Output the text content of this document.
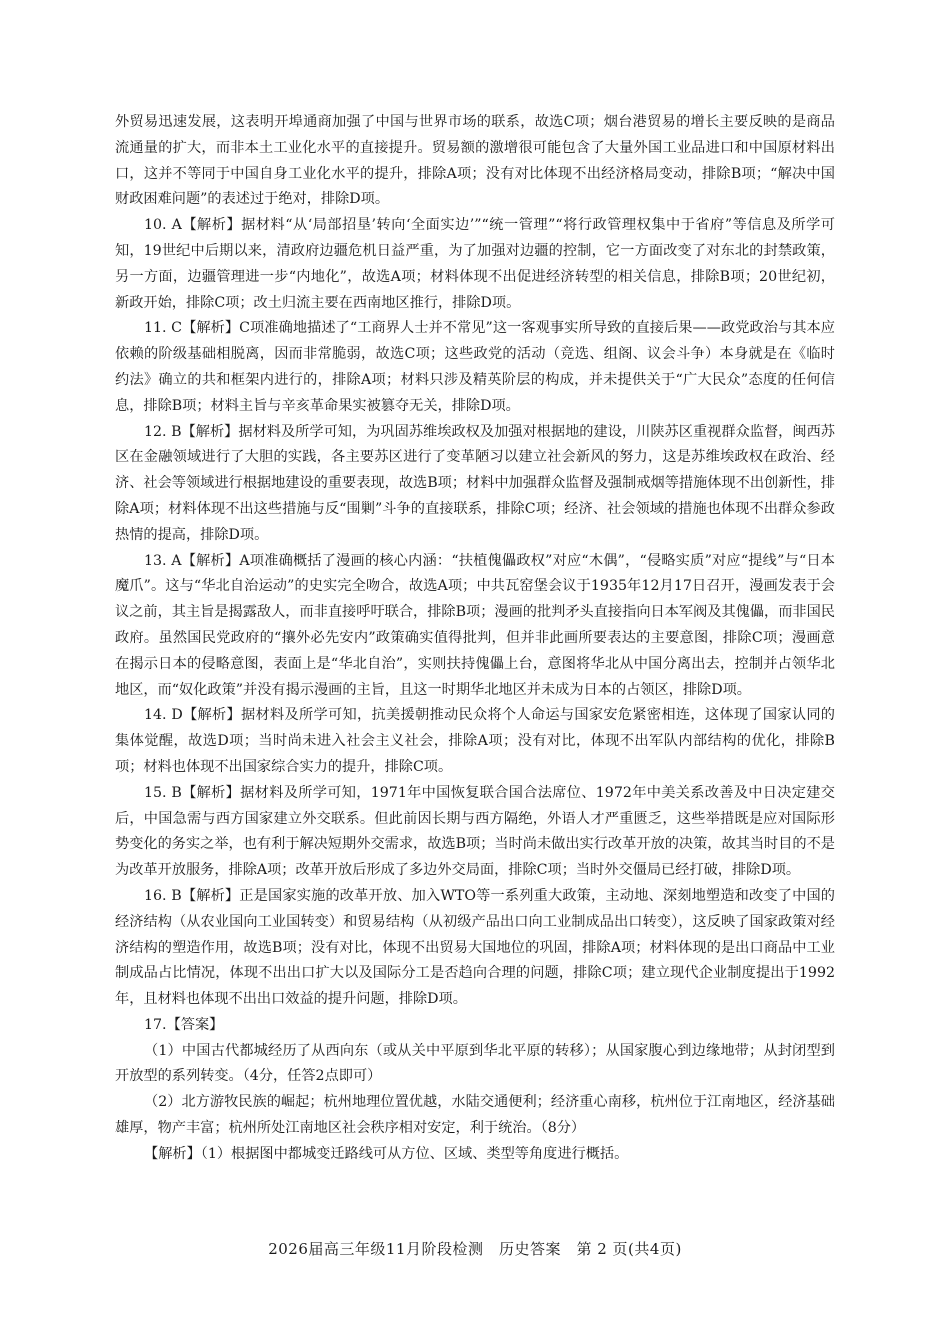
外贸易迅速发展，这表明开埠通商加强了中国与世界市场的联系，故选C项；烟台港贸易的增长主要反映的是商品流通量的扩大，而非本土工业化水平的直接提升。贸易额的激增很可能包含了大量外国工业品进口和中国原材料出口，这并不等同于中国自身工业化水平的提升，排除A项；没有对比体现不出经济格局变动，排除B项；“解决中国财政困难问题”的表述过于绝对，排除D项。

10. A【解析】据材料“从‘局部招垦’转向‘全面实边’”“统一管理”“将行政管理权集中于省府”等信息及所学可知，19世纪中后期以来，清政府边疆危机日益严重，为了加强对边疆的控制，它一方面改变了对东北的封禁政策，另一方面，边疆管理进一步“内地化”，故选A项；材料体现不出促进经济转型的相关信息，排除B项；20世纪初，新政开始，排除C项；改土归流主要在西南地区推行，排除D项。

11. C【解析】C项准确地描述了“工商界人士并不常见”这一客观事实所导致的直接后果——政党政治与其本应依赖的阶级基础相脱离，因而非常脆弱，故选C项；这些政党的活动（竞选、组阁、议会斗争）本身就是在《临时约法》确立的共和框架内进行的，排除A项；材料只涉及精英阶层的构成，并未提供关于“广大民众”态度的任何信息，排除B项；材料主旨与辛亥革命果实被篡夺无关，排除D项。

12. B【解析】据材料及所学可知，为巩固苏维埃政权及加强对根据地的建设，川陕苏区重视群众监督，闽西苏区在金融领域进行了大胆的实践，各主要苏区进行了变革陋习以建立社会新风的努力，这是苏维埃政权在政治、经济、社会等领域进行根据地建设的重要表现，故选B项；材料中加强群众监督及强制戒烟等措施体现不出创新性，排除A项；材料体现不出这些措施与反“围剿”斗争的直接联系，排除C项；经济、社会领域的措施也体现不出群众参政热情的提高，排除D项。

13. A【解析】A项准确概括了漫画的核心内涵：“扶植傀儡政权”对应“木偶”，“侵略实质”对应“提线”与“日本魔爪”。这与“华北自治运动”的史实完全吻合，故选A项；中共瓦窑堡会议于1935年12月17日召开，漫画发表于会议之前，其主旨是揭露敌人，而非直接呼吁联合，排除B项；漫画的批判矛头直接指向日本军阀及其傀儡，而非国民政府。虽然国民党政府的“攘外必先安内”政策确实值得批判，但并非此画所要表达的主要意图，排除C项；漫画意在揭示日本的侵略意图，表面上是“华北自治”，实则扶持傀儡上台，意图将华北从中国分离出去，控制并占领华北地区，而“奴化政策”并没有揭示漫画的主旨，且这一时期华北地区并未成为日本的占领区，排除D项。

14. D【解析】据材料及所学可知，抗美援朝推动民众将个人命运与国家安危紧密相连，这体现了国家认同的集体觉醒，故选D项；当时尚未进入社会主义社会，排除A项；没有对比，体现不出军队内部结构的优化，排除B项；材料也体现不出国家综合实力的提升，排除C项。

15. B【解析】据材料及所学可知，1971年中国恢复联合国合法席位、1972年中美关系改善及中日决定建交后，中国急需与西方国家建立外交联系。但此前因长期与西方隔绝，外语人才严重匮乏，这些举措既是应对国际形势变化的务实之举，也有利于解决短期外交需求，故选B项；当时尚未做出实行改革开放的决策，故其当时目的不是为改革开放服务，排除A项；改革开放后形成了多边外交局面，排除C项；当时外交僵局已经打破，排除D项。

16. B【解析】正是国家实施的改革开放、加入WTO等一系列重大政策，主动地、深刻地塑造和改变了中国的经济结构（从农业国向工业国转变）和贸易结构（从初级产品出口向工业制成品出口转变），这反映了国家政策对经济结构的塑造作用，故选B项；没有对比，体现不出贸易大国地位的巩固，排除A项；材料体现的是出口商品中工业制成品占比情况，体现不出出口扩大以及国际分工是否趋向合理的问题，排除C项；建立现代企业制度提出于1992年，且材料也体现不出出口效益的提升问题，排除D项。

17.【答案】

（1）中国古代都城经历了从西向东（或从关中平原到华北平原的转移）；从国家腹心到边缘地带；从封闭型到开放型的系列转变。（4分，任答2点即可）

（2）北方游牧民族的崛起；杭州地理位置优越，水陆交通便利；经济重心南移，杭州位于江南地区，经济基础雄厚，物产丰富；杭州所处江南地区社会秩序相对安定，利于统治。（8分）

【解析】（1）根据图中都城变迁路线可从方位、区域、类型等角度进行概括。

2026届高三年级11月阶段检测　历史答案　第 2 页(共4页)
